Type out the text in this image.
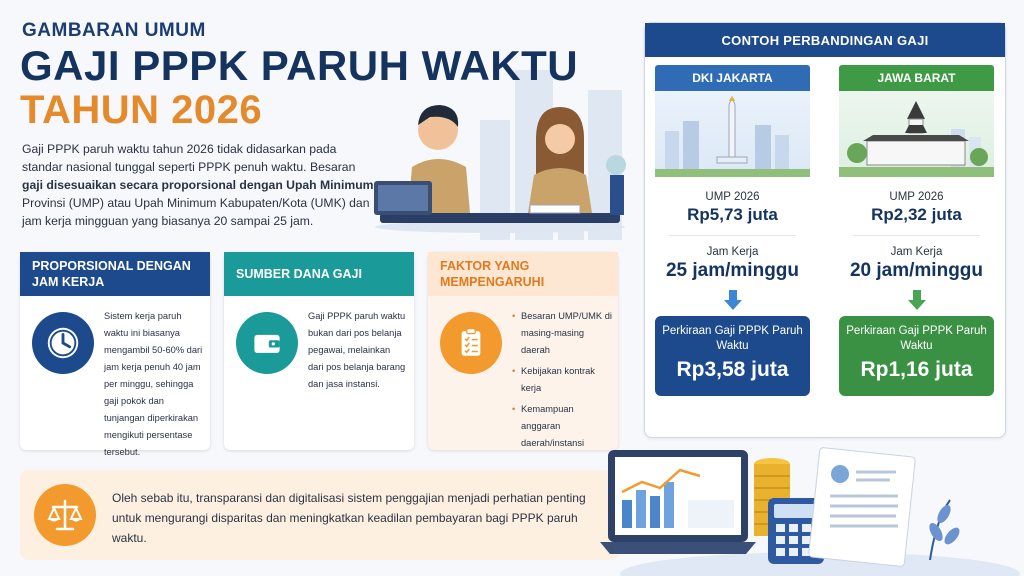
GAMBARAN UMUM
GAJI PPPK PARUH WAKTU
TAHUN 2026

Gaji PPPK paruh waktu tahun 2026 tidak didasarkan pada standar nasional tunggal seperti PPPK penuh waktu. Besaran gaji disesuaikan secara proporsional dengan Upah Minimum Provinsi (UMP) atau Upah Minimum Kabupaten/Kota (UMK) dan jam kerja mingguan yang biasanya 20 sampai 25 jam.

PROPORSIONAL DENGAN JAM KERJA
Sistem kerja paruh waktu ini biasanya mengambil 50-60% dari jam kerja penuh 40 jam per minggu, sehingga gaji pokok dan tunjangan diperkirakan mengikuti persentase tersebut.
SUMBER DANA GAJI
Gaji PPPK paruh waktu bukan dari pos belanja pegawai, melainkan dari pos belanja barang dan jasa instansi.
FAKTOR YANG MEMPENGARUHI
• Besaran UMP/UMK di masing-masing daerah
• Kebijakan kontrak kerja
• Kemampuan anggaran daerah/instansi
Oleh sebab itu, transparansi dan digitalisasi sistem penggajian menjadi perhatian penting untuk mengurangi disparitas dan meningkatkan keadilan pembayaran bagi PPPK paruh waktu.
CONTOH PERBANDINGAN GAJI
DKI JAKARTA
UMP 2026
Rp5,73 juta
Jam Kerja
25 jam/minggu
Perkiraan Gaji PPPK Paruh Waktu
Rp3,58 juta
JAWA BARAT
UMP 2026
Rp2,32 juta
Jam Kerja
20 jam/minggu
Perkiraan Gaji PPPK Paruh Waktu
Rp1,16 juta
